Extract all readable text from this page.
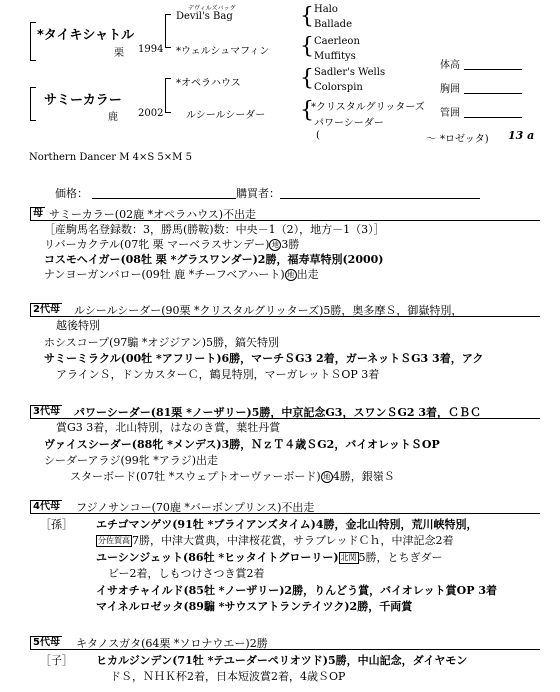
*タイキシャトル
栗 1994
サミーカラー
鹿 2002
デヴィルズバッグ
Devil's Bag
*ウェルシュマフィン
*オペラハウス
ルシールシーダー
{
{
{
{
Halo
Ballade
Caerleon
Muffitys
Sadler's Wells
Colorspin
*クリスタルグリッターズ
パワーシーダー
(	～ *ロゼッタ) 13 a
体高
胸囲
管囲
Northern Dancer M 4×S 5×M 5
価格：	購買者：
母 サミーカラー(02鹿 *オペラハウス)不出走
［産駒馬名登録数：3，勝馬(勝鞍)数：中央－1（2），地方－1（3）］
リバーカクテル(07牝 栗 マーベラスサンデー) 地 3勝
コスモヘイガー(08牡 栗 *グラスワンダー)2勝，福寿草特別(2000)
ナンヨーガンバロー(09牡 鹿 *チーフベアハート) 地 出走
2代母 ルシールシーダー(90栗 *クリスタルグリッターズ)5勝，奥多摩Ｓ，御嶽特別，
越後特別
ホシスコープ(97騸 *オジジアン)5勝，鎬矢特別
サミーミラクル(00牡 *アフリート)6勝，マーチＳG3 2着，ガーネットＳG3 3着，アク
アラインＳ，ドンカスターＣ，鶴見特別，マーガレットＳOP 3着
3代母 パワーシーダー(81栗 *ノーザリー)5勝，中京記念G3，スワンＳG2 3着，ＣＢＣ
賞G3 3着，北山特別，はなのき賞，葉牡丹賞
ヴァイスシーダー(88牝 *メンデス)3勝，ＮｚＴ４歳ＳG2，バイオレットＳOP
シーダーアラジ(99牝 *アラジ)出走
スターボード(07牡 *スウェプトオーヴァーボード) 地 4勝，銀嶺Ｓ
4代母 フジノサンコー(70鹿 *バーボンプリンス)不出走
［孫］ エチゴマンゲツ(91牡 *ブライアンズタイム)4勝，金北山特別，荒川峡特別，
分佐賀高 7勝，中津大賞典，中津桜花賞，サラブレッドＣｈ，中津記念2着
ユーシンジェット(86牡 *ヒッタイトグローリー) 北関 5勝，とちぎダー
ビー2着，しもつけさつき賞2着
イサオチャイルド(85牡 *ノーザリー)2勝，りんどう賞，バイオレット賞OP 3着
マイネルロゼッタ(89騸 *サウスアトランテイツク)2勝，千両賞
5代母 キタノスガタ(64栗 *ソロナウエー)2勝
［子］ ヒカルジンデン(71牡 *テユーダーペリオツド)5勝，中山記念，ダイヤモン
ドＳ，ＮＨＫ杯2着，日本短波賞2着，4歳ＳOP
